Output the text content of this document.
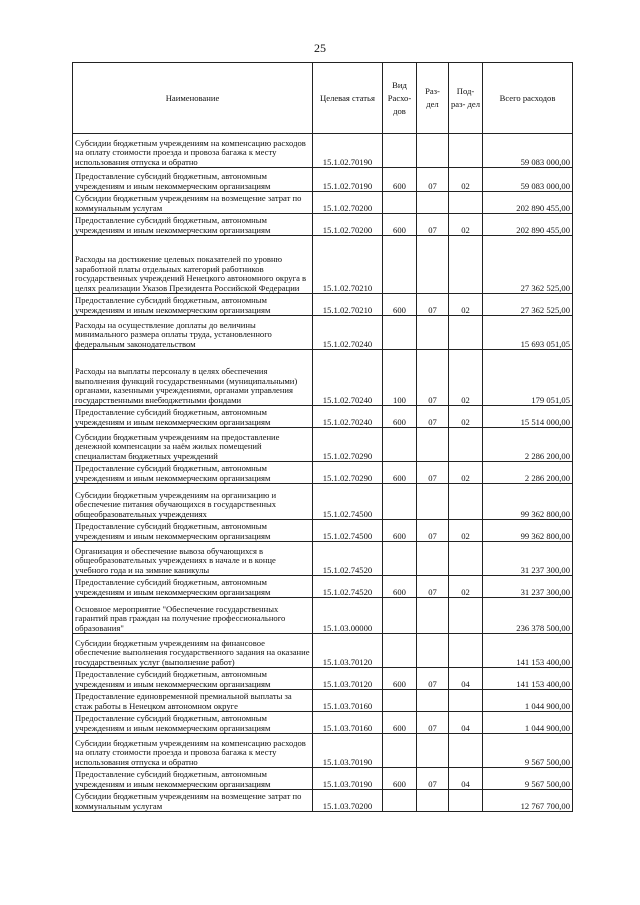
25
Наименование	Целевая статья	Вид Расхо- дов	Раз- дел	Под- раз- дел	Всего расходов
Субсидии бюджетным учреждениям на компенсацию расходов на оплату стоимости проезда и провоза багажа к месту использования отпуска и обратно	15.1.02.70190				59 083 000,00
Предоставление субсидий бюджетным, автономным учреждениям и иным некоммерческим организациям	15.1.02.70190	600	07	02	59 083 000,00
Субсидии бюджетным учреждениям на возмещение затрат по коммунальным услугам	15.1.02.70200				202 890 455,00
Предоставление субсидий бюджетным, автономным учреждениям и иным некоммерческим организациям	15.1.02.70200	600	07	02	202 890 455,00
Расходы на достижение целевых показателей по уровню заработной платы отдельных категорий работников государственных учреждений Ненецкого автономного округа в целях реализации Указов Президента Российской Федерации	15.1.02.70210				27 362 525,00
Предоставление субсидий бюджетным, автономным учреждениям и иным некоммерческим организациям	15.1.02.70210	600	07	02	27 362 525,00
Расходы на осуществление доплаты до величины минимального размера оплаты труда, установленного федеральным законодательством	15.1.02.70240				15 693 051,05
Расходы на выплаты персоналу в целях обеспечения выполнения функций государственными (муниципальными) органами, казенными учреждениями, органами управления государственными внебюджетными фондами	15.1.02.70240	100	07	02	179 051,05
Предоставление субсидий бюджетным, автономным учреждениям и иным некоммерческим организациям	15.1.02.70240	600	07	02	15 514 000,00
Субсидии бюджетным учреждениям на предоставление денежной компенсации за наём жилых помещений специалистам бюджетных учреждений	15.1.02.70290				2 286 200,00
Предоставление субсидий бюджетным, автономным учреждениям и иным некоммерческим организациям	15.1.02.70290	600	07	02	2 286 200,00
Субсидии бюджетным учреждениям на организацию и обеспечение питания обучающихся в государственных общеобразовательных учреждениях	15.1.02.74500				99 362 800,00
Предоставление субсидий бюджетным, автономным учреждениям и иным некоммерческим организациям	15.1.02.74500	600	07	02	99 362 800,00
Организация и обеспечение вывоза обучающихся в общеобразовательных учреждениях в начале и в конце учебного года и на зимние каникулы	15.1.02.74520				31 237 300,00
Предоставление субсидий бюджетным, автономным учреждениям и иным некоммерческим организациям	15.1.02.74520	600	07	02	31 237 300,00
Основное мероприятие "Обеспечение государственных гарантий прав граждан на получение профессионального образования"	15.1.03.00000				236 378 500,00
Субсидии бюджетным учреждениям на финансовое обеспечение выполнения государственного задания на оказание государственных услуг (выполнение работ)	15.1.03.70120				141 153 400,00
Предоставление субсидий бюджетным, автономным учреждениям и иным некоммерческим организациям	15.1.03.70120	600	07	04	141 153 400,00
Предоставление единовременной премиальной выплаты за стаж работы в Ненецком автономном округе	15.1.03.70160				1 044 900,00
Предоставление субсидий бюджетным, автономным учреждениям и иным некоммерческим организациям	15.1.03.70160	600	07	04	1 044 900,00
Субсидии бюджетным учреждениям на компенсацию расходов на оплату стоимости проезда и провоза багажа к месту использования отпуска и обратно	15.1.03.70190				9 567 500,00
Предоставление субсидий бюджетным, автономным учреждениям и иным некоммерческим организациям	15.1.03.70190	600	07	04	9 567 500,00
Субсидии бюджетным учреждениям на возмещение затрат по коммунальным услугам	15.1.03.70200				12 767 700,00
